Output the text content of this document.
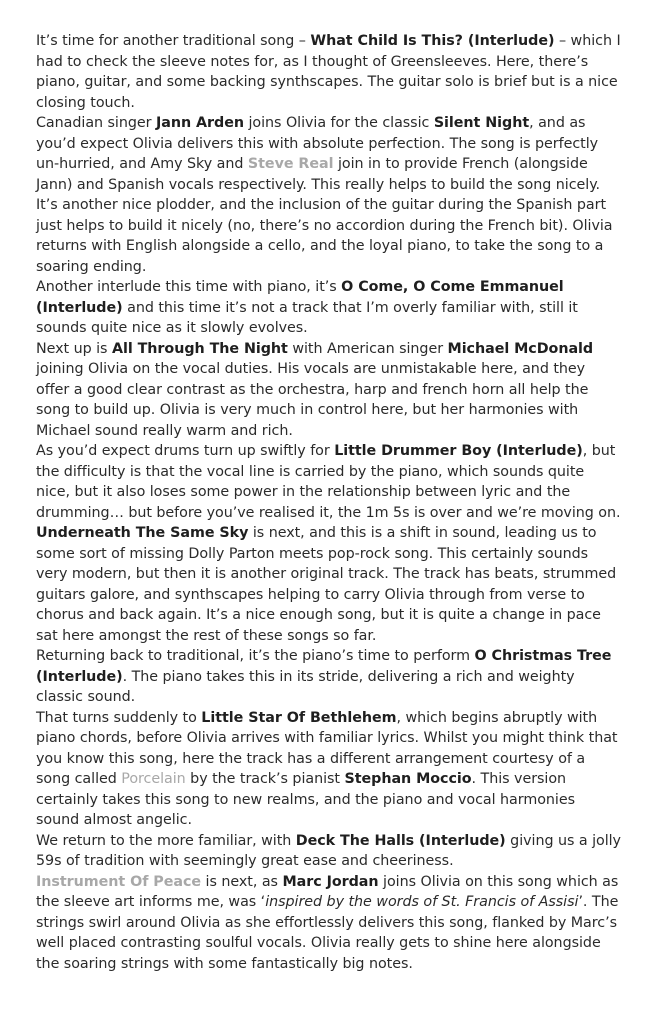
It’s time for another traditional song – What Child Is This? (Interlude) – which I had to check the sleeve notes for, as I thought of Greensleeves. Here, there’s piano, guitar, and some backing synthscapes. The guitar solo is brief but is a nice closing touch.

Canadian singer Jann Arden joins Olivia for the classic Silent Night, and as you’d expect Olivia delivers this with absolute perfection. The song is perfectly un-hurried, and Amy Sky and Steve Real join in to provide French (alongside Jann) and Spanish vocals respectively. This really helps to build the song nicely. It’s another nice plodder, and the inclusion of the guitar during the Spanish part just helps to build it nicely (no, there’s no accordion during the French bit). Olivia returns with English alongside a cello, and the loyal piano, to take the song to a soaring ending.

Another interlude this time with piano, it’s O Come, O Come Emmanuel (Interlude) and this time it’s not a track that I’m overly familiar with, still it sounds quite nice as it slowly evolves.

Next up is All Through The Night with American singer Michael McDonald joining Olivia on the vocal duties. His vocals are unmistakable here, and they offer a good clear contrast as the orchestra, harp and french horn all help the song to build up. Olivia is very much in control here, but her harmonies with Michael sound really warm and rich.

As you’d expect drums turn up swiftly for Little Drummer Boy (Interlude), but the difficulty is that the vocal line is carried by the piano, which sounds quite nice, but it also loses some power in the relationship between lyric and the drumming… but before you’ve realised it, the 1m 5s is over and we’re moving on.

Underneath The Same Sky is next, and this is a shift in sound, leading us to some sort of missing Dolly Parton meets pop-rock song. This certainly sounds very modern, but then it is another original track. The track has beats, strummed guitars galore, and synthscapes helping to carry Olivia through from verse to chorus and back again. It’s a nice enough song, but it is quite a change in pace sat here amongst the rest of these songs so far.

Returning back to traditional, it’s the piano’s time to perform O Christmas Tree (Interlude). The piano takes this in its stride, delivering a rich and weighty classic sound.

That turns suddenly to Little Star Of Bethlehem, which begins abruptly with piano chords, before Olivia arrives with familiar lyrics. Whilst you might think that you know this song, here the track has a different arrangement courtesy of a song called Porcelain by the track’s pianist Stephan Moccio. This version certainly takes this song to new realms, and the piano and vocal harmonies sound almost angelic.

We return to the more familiar, with Deck The Halls (Interlude) giving us a jolly 59s of tradition with seemingly great ease and cheeriness.

Instrument Of Peace is next, as Marc Jordan joins Olivia on this song which as the sleeve art informs me, was ‘inspired by the words of St. Francis of Assisi’. The strings swirl around Olivia as she effortlessly delivers this song, flanked by Marc’s well placed contrasting soulful vocals. Olivia really gets to shine here alongside the soaring strings with some fantastically big notes.
